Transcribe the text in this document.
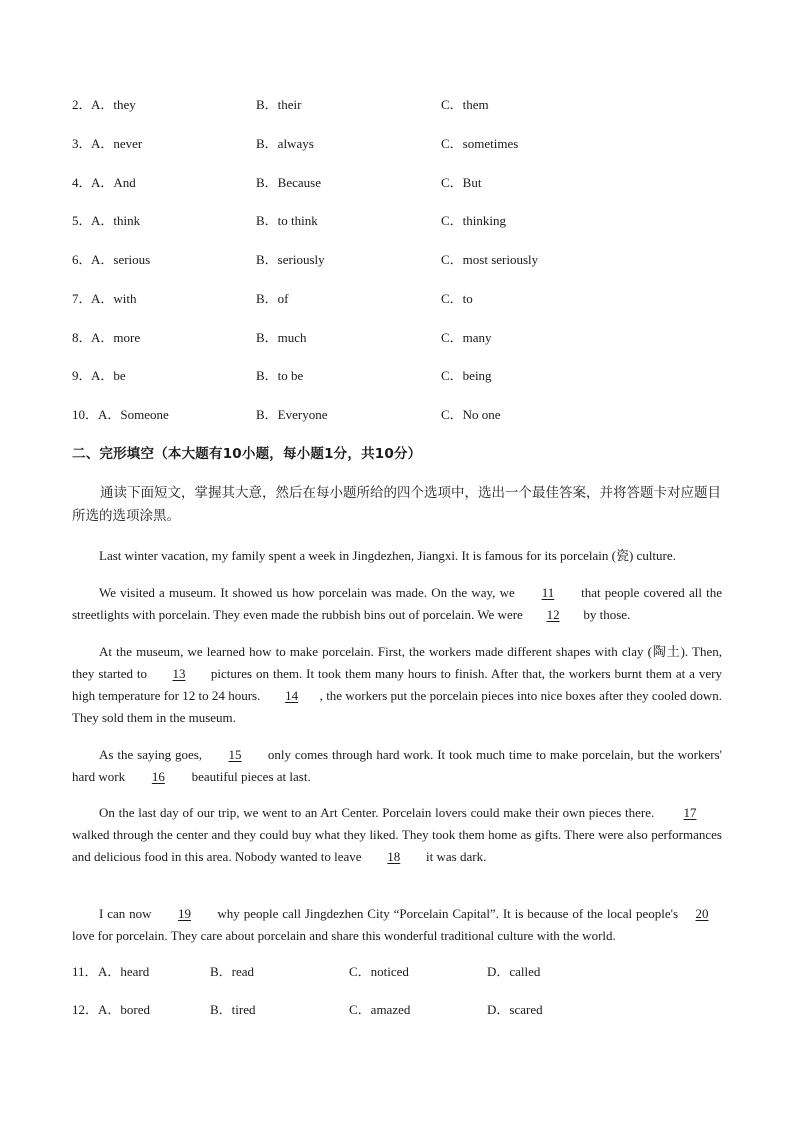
2． A．they	B．their	C．them
3． A．never	B．always	C．sometimes
4． A．And	B．Because	C．But
5． A．think	B．to think	C．thinking
6． A．serious	B．seriously	C．most seriously
7． A．with	B．of	C．to
8． A．more	B．much	C．many
9． A．be	B．to be	C．being
10． A．Someone	B．Everyone	C．No one
二、完形填空（本大题有10小题，每小题1分，共10分）
通读下面短文，掌握其大意，然后在每小题所给的四个选项中，选出一个最佳答案，并将答题卡对应题目所选的选项涂黑。
Last winter vacation, my family spent a week in Jingdezhen, Jiangxi. It is famous for its porcelain (瓷) culture.
We visited a museum. It showed us how porcelain was made. On the way, we 11 that people covered all the streetlights with porcelain. They even made the rubbish bins out of porcelain. We were 12 by those.
At the museum, we learned how to make porcelain. First, the workers made different shapes with clay (陶土). Then, they started to 13 pictures on them. It took them many hours to finish. After that, the workers burnt them at a very high temperature for 12 to 24 hours. 14 , the workers put the porcelain pieces into nice boxes after they cooled down. They sold them in the museum.
As the saying goes, 15 only comes through hard work. It took much time to make porcelain, but the workers' hard work 16 beautiful pieces at last.
On the last day of our trip, we went to an Art Center. Porcelain lovers could make their own pieces there. 17 walked through the center and they could buy what they liked. They took them home as gifts. There were also performances and delicious food in this area. Nobody wanted to leave 18 it was dark.
I can now 19 why people call Jingdezhen City “Porcelain Capital”. It is because of the local people's 20 love for porcelain. They care about porcelain and share this wonderful traditional culture with the world.
11． A．heard	B．read	C．noticed	D．called
12． A．bored	B．tired	C．amazed	D．scared
